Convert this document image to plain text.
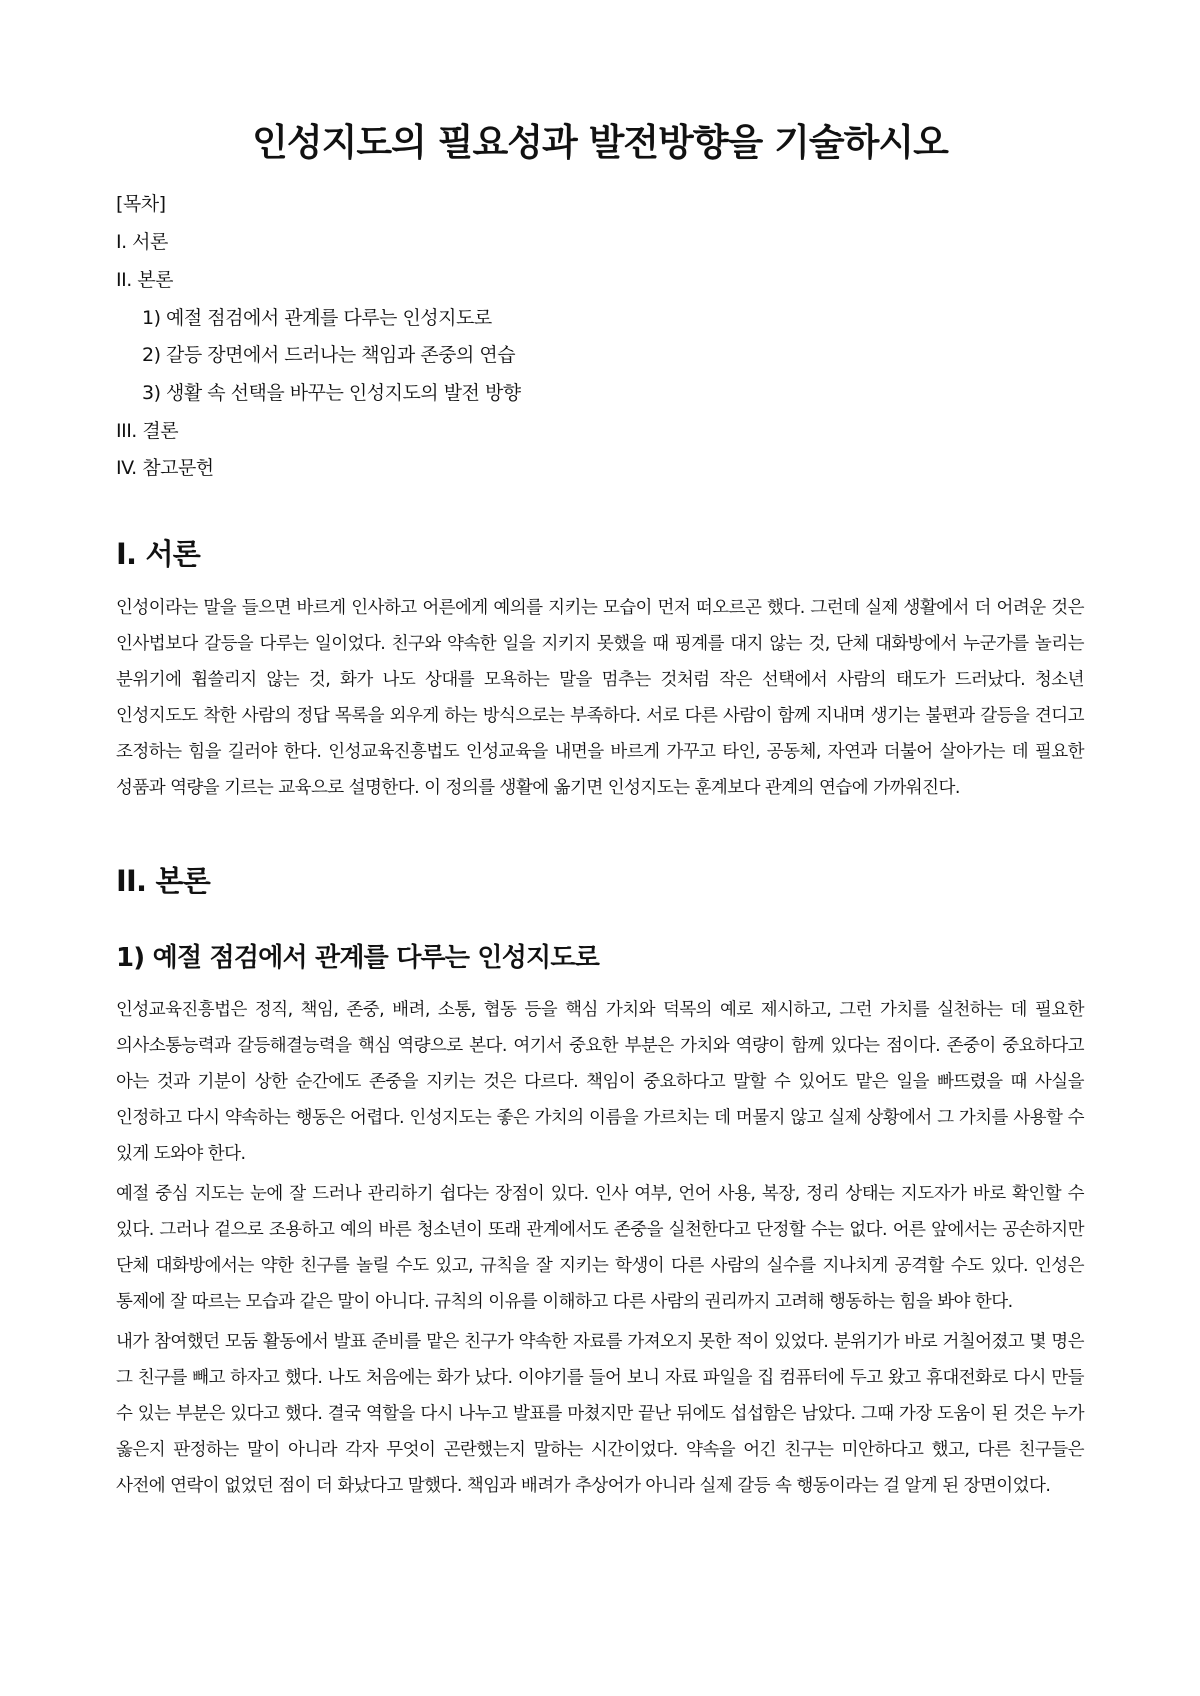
인성지도의 필요성과 발전방향을 기술하시오
[목차]
I. 서론
II. 본론
1) 예절 점검에서 관계를 다루는 인성지도로
2) 갈등 장면에서 드러나는 책임과 존중의 연습
3) 생활 속 선택을 바꾸는 인성지도의 발전 방향
III. 결론
IV. 참고문헌
I. 서론

인성이라는 말을 들으면 바르게 인사하고 어른에게 예의를 지키는 모습이 먼저 떠오르곤 했다. 그런데 실제 생활에서 더 어려운 것은 인사법보다 갈등을 다루는 일이었다. 친구와 약속한 일을 지키지 못했을 때 핑계를 대지 않는 것, 단체 대화방에서 누군가를 놀리는 분위기에 휩쓸리지 않는 것, 화가 나도 상대를 모욕하는 말을 멈추는 것처럼 작은 선택에서 사람의 태도가 드러났다. 청소년 인성지도도 착한 사람의 정답 목록을 외우게 하는 방식으로는 부족하다. 서로 다른 사람이 함께 지내며 생기는 불편과 갈등을 견디고 조정하는 힘을 길러야 한다. 인성교육진흥법도 인성교육을 내면을 바르게 가꾸고 타인, 공동체, 자연과 더불어 살아가는 데 필요한 성품과 역량을 기르는 교육으로 설명한다. 이 정의를 생활에 옮기면 인성지도는 훈계보다 관계의 연습에 가까워진다.

II. 본론
1) 예절 점검에서 관계를 다루는 인성지도로

인성교육진흥법은 정직, 책임, 존중, 배려, 소통, 협동 등을 핵심 가치와 덕목의 예로 제시하고, 그런 가치를 실천하는 데 필요한 의사소통능력과 갈등해결능력을 핵심 역량으로 본다. 여기서 중요한 부분은 가치와 역량이 함께 있다는 점이다. 존중이 중요하다고 아는 것과 기분이 상한 순간에도 존중을 지키는 것은 다르다. 책임이 중요하다고 말할 수 있어도 맡은 일을 빠뜨렸을 때 사실을 인정하고 다시 약속하는 행동은 어렵다. 인성지도는 좋은 가치의 이름을 가르치는 데 머물지 않고 실제 상황에서 그 가치를 사용할 수 있게 도와야 한다.

예절 중심 지도는 눈에 잘 드러나 관리하기 쉽다는 장점이 있다. 인사 여부, 언어 사용, 복장, 정리 상태는 지도자가 바로 확인할 수 있다. 그러나 겉으로 조용하고 예의 바른 청소년이 또래 관계에서도 존중을 실천한다고 단정할 수는 없다. 어른 앞에서는 공손하지만 단체 대화방에서는 약한 친구를 놀릴 수도 있고, 규칙을 잘 지키는 학생이 다른 사람의 실수를 지나치게 공격할 수도 있다. 인성은 통제에 잘 따르는 모습과 같은 말이 아니다. 규칙의 이유를 이해하고 다른 사람의 권리까지 고려해 행동하는 힘을 봐야 한다.

내가 참여했던 모둠 활동에서 발표 준비를 맡은 친구가 약속한 자료를 가져오지 못한 적이 있었다. 분위기가 바로 거칠어졌고 몇 명은 그 친구를 빼고 하자고 했다. 나도 처음에는 화가 났다. 이야기를 들어 보니 자료 파일을 집 컴퓨터에 두고 왔고 휴대전화로 다시 만들 수 있는 부분은 있다고 했다. 결국 역할을 다시 나누고 발표를 마쳤지만 끝난 뒤에도 섭섭함은 남았다. 그때 가장 도움이 된 것은 누가 옳은지 판정하는 말이 아니라 각자 무엇이 곤란했는지 말하는 시간이었다. 약속을 어긴 친구는 미안하다고 했고, 다른 친구들은 사전에 연락이 없었던 점이 더 화났다고 말했다. 책임과 배려가 추상어가 아니라 실제 갈등 속 행동이라는 걸 알게 된 장면이었다.
